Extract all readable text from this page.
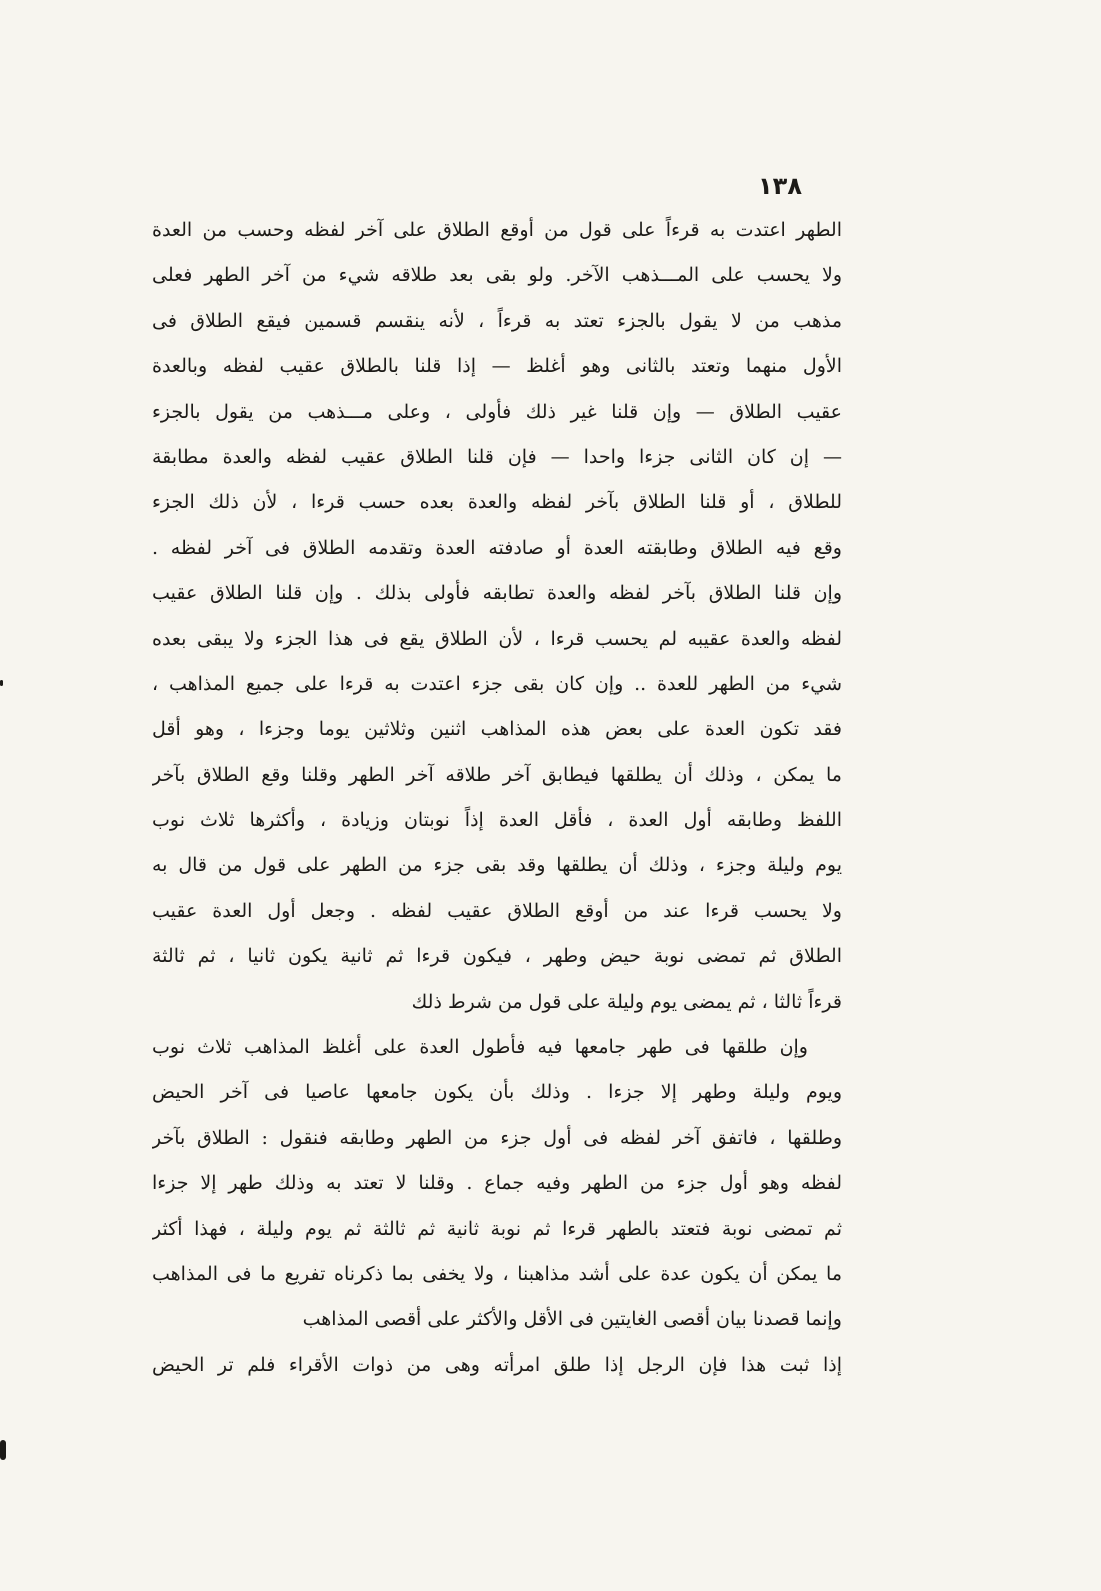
١٣٨
الطهر اعتدت به قرءاً على قول من أوقع الطلاق على آخر لفظه وحسب من العدة
ولا يحسب على المـــذهب الآخر. ولو بقى بعد طلاقه شيء من آخر الطهر فعلى
مذهب من لا يقول بالجزء تعتد به قرءاً ، لأنه ينقسم قسمين فيقع الطلاق فى
الأول منهما وتعتد بالثانى وهو أغلظ — إذا قلنا بالطلاق عقيب لفظه وبالعدة
عقيب الطلاق — وإن قلنا غير ذلك فأولى ، وعلى مـــذهب من يقول بالجزء
— إن كان الثانى جزءا واحدا — فإن قلنا الطلاق عقيب لفظه والعدة مطابقة
للطلاق ، أو قلنا الطلاق بآخر لفظه والعدة بعده حسب قرءا ، لأن ذلك الجزء
وقع فيه الطلاق وطابقته العدة أو صادفته العدة وتقدمه الطلاق فى آخر لفظه .
وإن قلنا الطلاق بآخر لفظه والعدة تطابقه فأولى بذلك . وإن قلنا الطلاق عقيب
لفظه والعدة عقيبه لم يحسب قرءا ، لأن الطلاق يقع فى هذا الجزء ولا يبقى بعده
شيء من الطهر للعدة .. وإن كان بقى جزء اعتدت به قرءا على جميع المذاهب ،
فقد تكون العدة على بعض هذه المذاهب اثنين وثلاثين يوما وجزءا ، وهو أقل
ما يمكن ، وذلك أن يطلقها فيطابق آخر طلاقه آخر الطهر وقلنا وقع الطلاق بآخر
اللفظ وطابقه أول العدة ، فأقل العدة إذاً نوبتان وزيادة ، وأكثرها ثلاث نوب
يوم وليلة وجزء ، وذلك أن يطلقها وقد بقى جزء من الطهر على قول من قال به
ولا يحسب قرءا عند من أوقع الطلاق عقيب لفظه . وجعل أول العدة عقيب
الطلاق ثم تمضى نوبة حيض وطهر ، فيكون قرءا ثم ثانية يكون ثانيا ، ثم ثالثة
قرءاً ثالثا ، ثم يمضى يوم وليلة على قول من شرط ذلك
وإن طلقها فى طهر جامعها فيه فأطول العدة على أغلظ المذاهب ثلاث نوب
ويوم وليلة وطهر إلا جزءا . وذلك بأن يكون جامعها عاصيا فى آخر الحيض
وطلقها ، فاتفق آخر لفظه فى أول جزء من الطهر وطابقه فنقول : الطلاق بآخر
لفظه وهو أول جزء من الطهر وفيه جماع . وقلنا لا تعتد به وذلك طهر إلا جزءا
ثم تمضى نوبة فتعتد بالطهر قرءا ثم نوبة ثانية ثم ثالثة ثم يوم وليلة ، فهذا أكثر
ما يمكن أن يكون عدة على أشد مذاهبنا ، ولا يخفى بما ذكرناه تفريع ما فى المذاهب
وإنما قصدنا بيان أقصى الغايتين فى الأقل والأكثر على أقصى المذاهب
إذا ثبت هذا فإن الرجل إذا طلق امرأته وهى من ذوات الأقراء فلم تر الحيض
